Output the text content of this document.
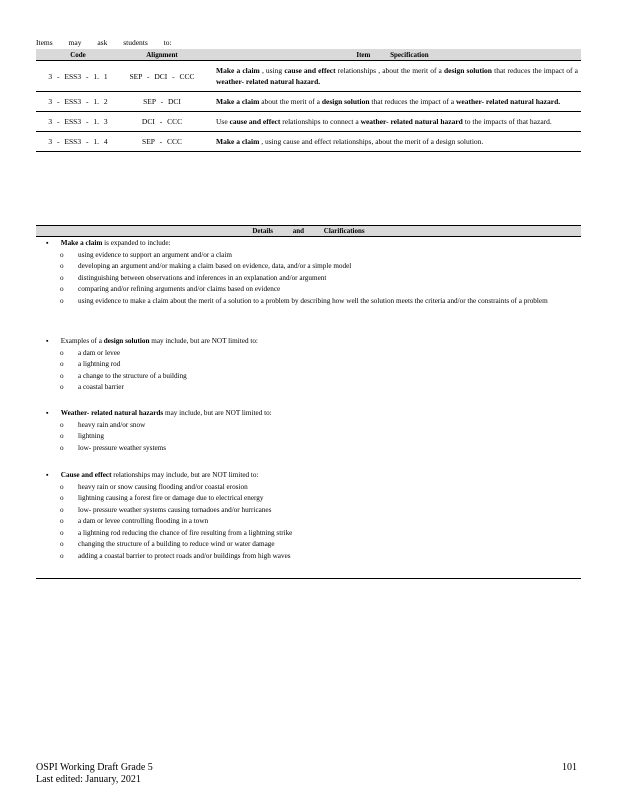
Items may ask students to:
Code	Alignment	Item Specification
3 - ESS3 - 1. 1	SEP - DCI - CCC	Make a claim , using cause and effect relationships , about the merit of a design solution that reduces the impact of a weather- related natural hazard.
3 - ESS3 - 1. 2	SEP - DCI	Make a claim about the merit of a design solution that reduces the impact of a weather- related natural hazard.
3 - ESS3 - 1. 3	DCI - CCC	Use cause and effect relationships to connect a weather- related natural hazard to the impacts of that hazard.
3 - ESS3 - 1. 4	SEP - CCC	Make a claim , using cause and effect relationships, about the merit of a design solution.
Details and Clarifications
▪ Make a claim is expanded to include:
o using evidence to support an argument and/or a claim
o developing an argument and/or making a claim based on evidence, data, and/or a simple model
o distinguishing between observations and inferences in an explanation and/or argument
o comparing and/or refining arguments and/or claims based on evidence
o using evidence to make a claim about the merit of a solution to a problem by describing how well the solution meets the criteria and/or the constraints of a problem
▪ Examples of a design solution may include, but are NOT limited to:
o a dam or levee
o a lightning rod
o a change to the structure of a building
o a coastal barrier
▪ Weather- related natural hazards may include, but are NOT limited to:
o heavy rain and/or snow
o lightning
o low- pressure weather systems
▪ Cause and effect relationships may include, but are NOT limited to:
o heavy rain or snow causing flooding and/or coastal erosion
o lightning causing a forest fire or damage due to electrical energy
o low- pressure weather systems causing tornadoes and/or hurricanes
o a dam or levee controlling flooding in a town
o a lightning rod reducing the chance of fire resulting from a lightning strike
o changing the structure of a building to reduce wind or water damage
o adding a coastal barrier to protect roads and/or buildings from high waves
OSPI Working Draft Grade 5
Last edited: January, 2021
101
